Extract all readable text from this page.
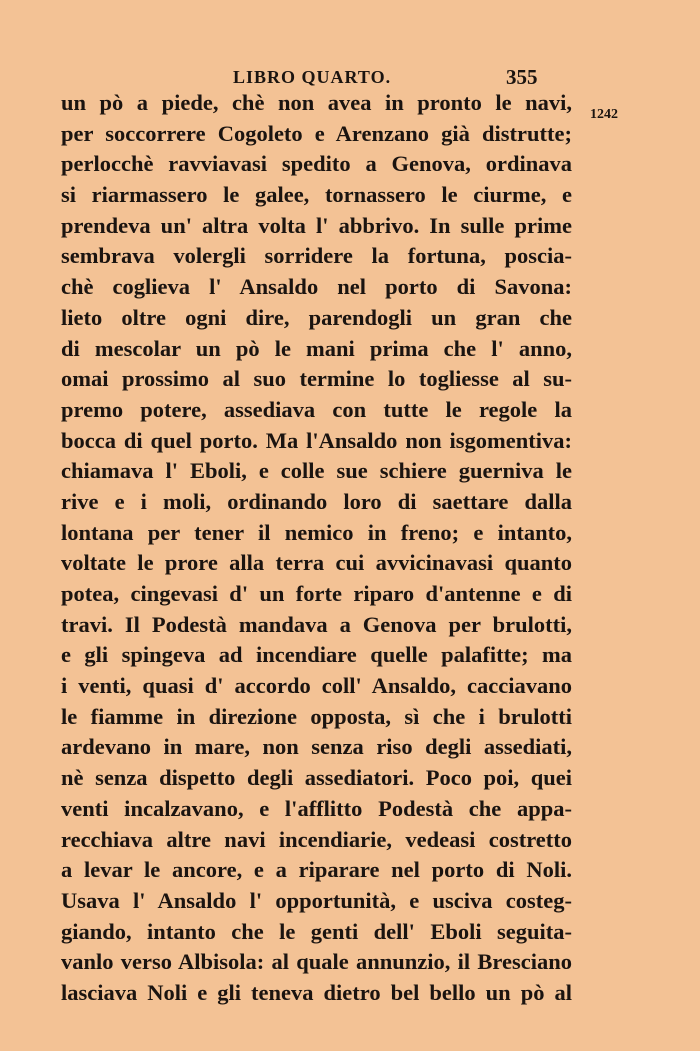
LIBRO QUARTO.	355
1242
un pò a piede, chè non avea in pronto le navi,
per soccorrere Cogoleto e Arenzano già distrutte;
perlocchè ravviavasi spedito a Genova, ordinava
si riarmassero le galee, tornassero le ciurme, e
prendeva un' altra volta l' abbrivo. In sulle prime
sembrava volergli sorridere la fortuna, poscia-
chè coglieva l' Ansaldo nel porto di Savona:
lieto oltre ogni dire, parendogli un gran che
di mescolar un pò le mani prima che l' anno,
omai prossimo al suo termine lo togliesse al su-
premo potere, assediava con tutte le regole la
bocca di quel porto. Ma l'Ansaldo non isgomentiva:
chiamava l' Eboli, e colle sue schiere guerniva le
rive e i moli, ordinando loro di saettare dalla
lontana per tener il nemico in freno; e intanto,
voltate le prore alla terra cui avvicinavasi quanto
potea, cingevasi d' un forte riparo d'antenne e di
travi. Il Podestà mandava a Genova per brulotti,
e gli spingeva ad incendiare quelle palafitte; ma
i venti, quasi d' accordo coll' Ansaldo, cacciavano
le fiamme in direzione opposta, sì che i brulotti
ardevano in mare, non senza riso degli assediati,
nè senza dispetto degli assediatori. Poco poi, quei
venti incalzavano, e l'afflitto Podestà che appa-
recchiava altre navi incendiarie, vedeasi costretto
a levar le ancore, e a riparare nel porto di Noli.
Usava l' Ansaldo l' opportunità, e usciva costeg-
giando, intanto che le genti dell' Eboli seguita-
vanlo verso Albisola: al quale annunzio, il Bresciano
lasciava Noli e gli teneva dietro bel bello un pò al
